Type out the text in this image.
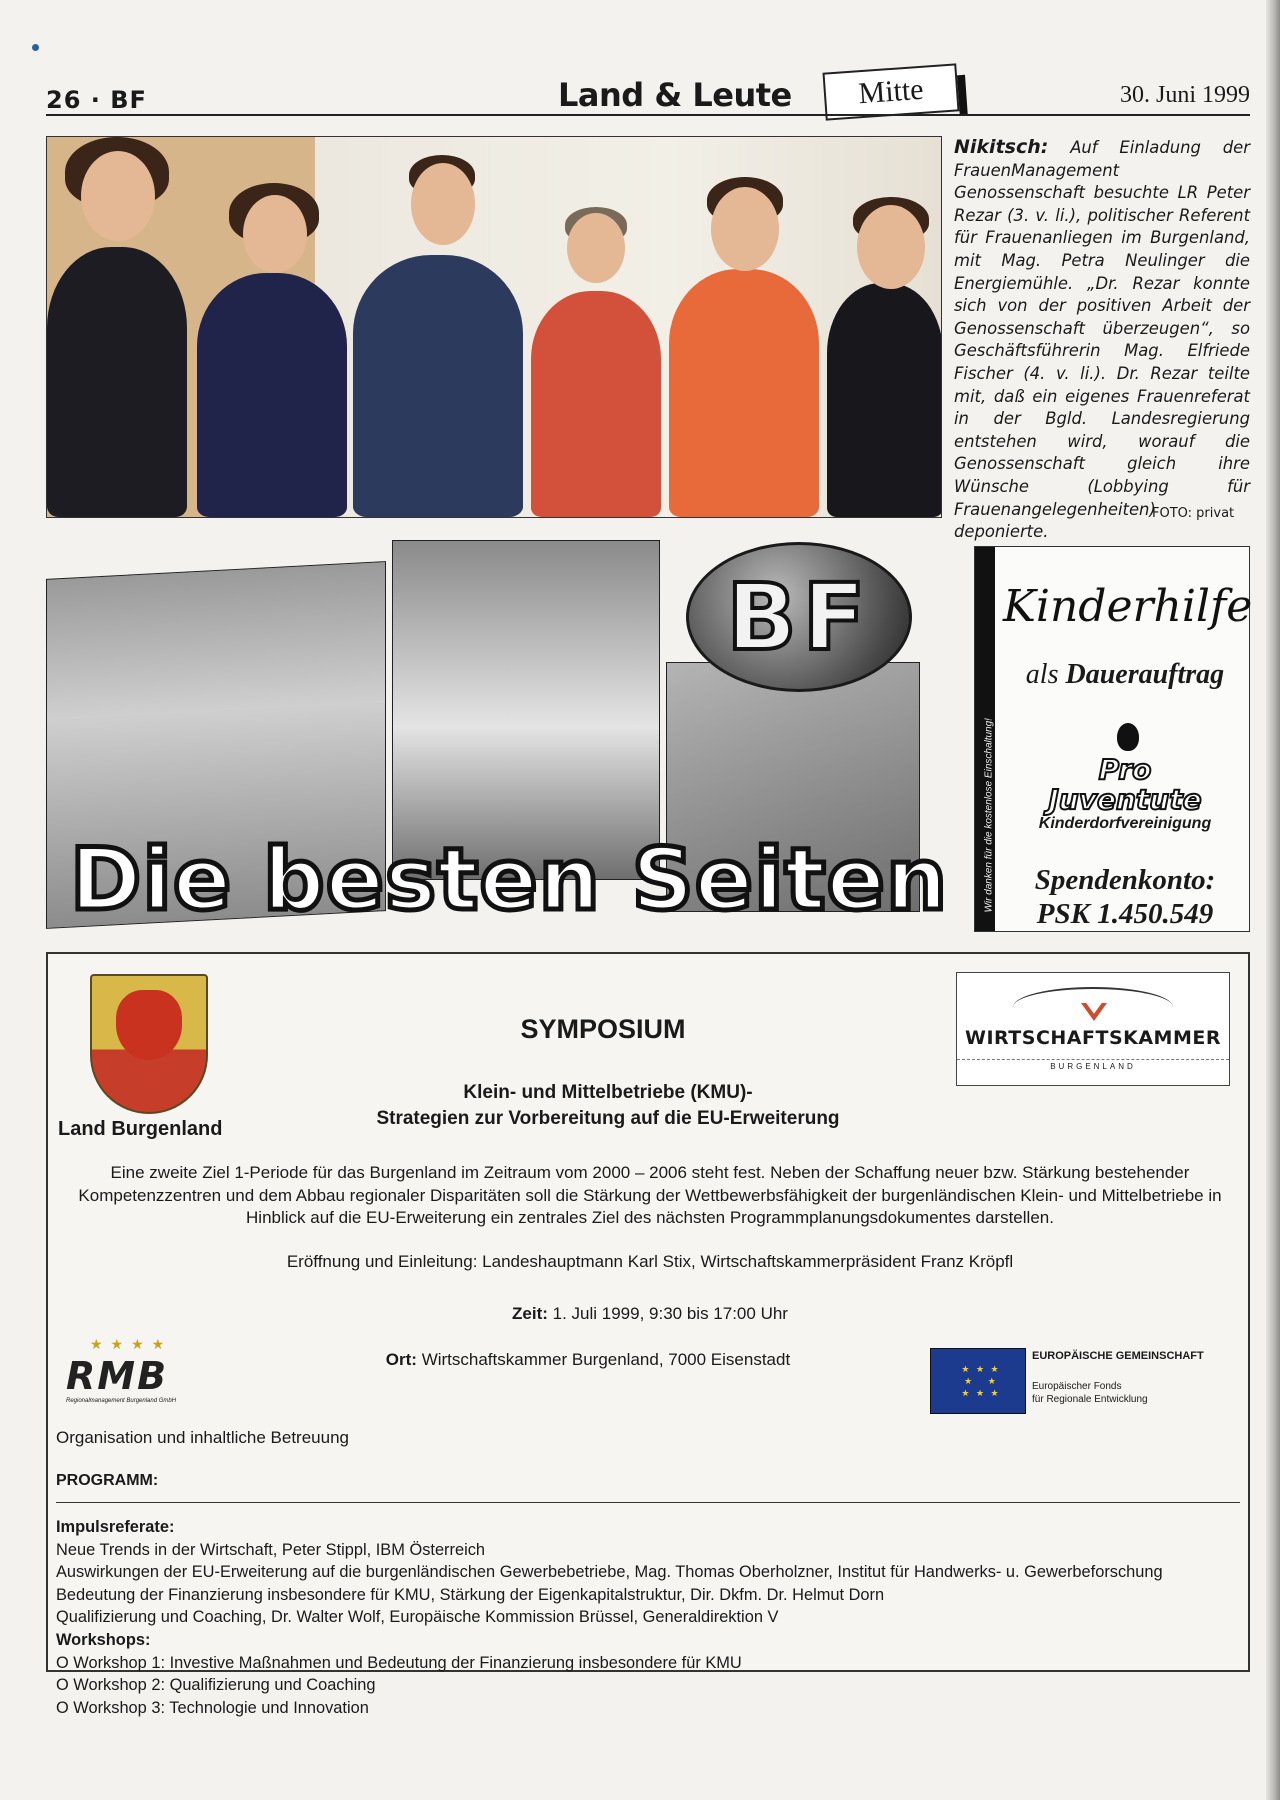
26 · BF	Land & Leute	Mitte	30. Juni 1999
Nikitsch: Auf Einladung der FrauenManagement Genossenschaft besuchte LR Peter Rezar (3. v. li.), politischer Referent für Frauenanliegen im Burgenland, mit Mag. Petra Neulinger die Energiemühle. „Dr. Rezar konnte sich von der positiven Arbeit der Genossenschaft überzeugen“, so Geschäftsführerin Mag. Elfriede Fischer (4. v. li.). Dr. Rezar teilte mit, daß ein eigenes Frauenreferat in der Bgld. Landesregierung entstehen wird, worauf die Genossenschaft gleich ihre Wünsche (Lobbying für Frauenangelegenheiten) deponierte.
FOTO: privat
BF
Die besten Seiten	Wir danken für die kostenlose Einschaltung!
Kinderhilfe
als Dauerauftrag
Pro
Juventute
Kinderdorfvereinigung
Spendenkonto:
PSK 1.450.549
Land Burgenland
SYMPOSIUM
Klein- und Mittelbetriebe (KMU)-
Strategien zur Vorbereitung auf die EU-Erweiterung
WIRTSCHAFTSKAMMER
BURGENLAND
Eine zweite Ziel 1-Periode für das Burgenland im Zeitraum vom 2000 – 2006 steht fest. Neben der Schaffung neuer bzw. Stärkung bestehender Kompetenzzentren und dem Abbau regionaler Disparitäten soll die Stärkung der Wettbewerbsfähigkeit der burgenländischen Klein- und Mittelbetriebe in Hinblick auf die EU-Erweiterung ein zentrales Ziel des nächsten Programmplanungsdokumentes darstellen.
Eröffnung und Einleitung: Landeshauptmann Karl Stix, Wirtschaftskammerpräsident Franz Kröpfl
Zeit: 1. Juli 1999, 9:30 bis 17:00 Uhr
Ort: Wirtschaftskammer Burgenland, 7000 Eisenstadt
★★★★
RMB
Regionalmanagement Burgenland GmbH
★ ★ ★
★   ★
★ ★ ★
EUROPÄISCHE GEMEINSCHAFT
Europäischer Fonds
für Regionale Entwicklung
Organisation und inhaltliche Betreuung
PROGRAMM:
Impulsreferate:
Neue Trends in der Wirtschaft, Peter Stippl, IBM Österreich
Auswirkungen der EU-Erweiterung auf die burgenländischen Gewerbebetriebe, Mag. Thomas Oberholzner, Institut für Handwerks- u. Gewerbeforschung
Bedeutung der Finanzierung insbesondere für KMU, Stärkung der Eigenkapitalstruktur, Dir. Dkfm. Dr. Helmut Dorn
Qualifizierung und Coaching, Dr. Walter Wolf, Europäische Kommission Brüssel, Generaldirektion V
Workshops:
O Workshop 1: Investive Maßnahmen und Bedeutung der Finanzierung insbesondere für KMU
O Workshop 2: Qualifizierung und Coaching
O Workshop 3: Technologie und Innovation
